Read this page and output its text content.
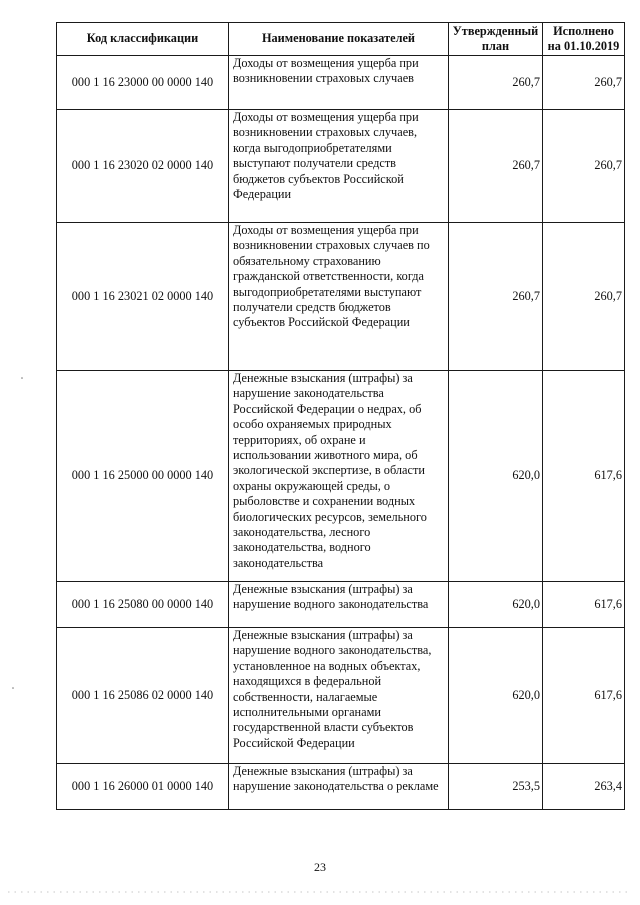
Код классификации	Наименование показателей	Утвержденный план	Исполнено на 01.10.2019
000 1 16 23000 00 0000 140	Доходы от возмещения ущерба при возникновении страховых случаев	260,7	260,7
000 1 16 23020 02 0000 140	Доходы от возмещения ущерба при возникновении страховых случаев, когда выгодоприобретателями выступают получатели средств бюджетов субъектов Российской Федерации	260,7	260,7
000 1 16 23021 02 0000 140	Доходы от возмещения ущерба при возникновении страховых случаев по обязательному страхованию гражданской ответственности, когда выгодоприобретателями выступают получатели средств бюджетов субъектов Российской Федерации	260,7	260,7
000 1 16 25000 00 0000 140	Денежные взыскания (штрафы) за нарушение законодательства Российской Федерации о недрах, об особо охраняемых природных территориях, об охране и использовании животного мира, об экологической экспертизе, в области охраны окружающей среды, о рыболовстве и сохранении водных биологических ресурсов, земельного законодательства, лесного законодательства, водного законодательства	620,0	617,6
000 1 16 25080 00 0000 140	Денежные взыскания (штрафы) за нарушение водного законодательства	620,0	617,6
000 1 16 25086 02 0000 140	Денежные взыскания (штрафы) за нарушение водного законодательства, установленное на водных объектах, находящихся в федеральной собственности, налагаемые исполнительными органами государственной власти субъектов Российской Федерации	620,0	617,6
000 1 16 26000 01 0000 140	Денежные взыскания (штрафы) за нарушение законодательства о рекламе	253,5	263,4
23
